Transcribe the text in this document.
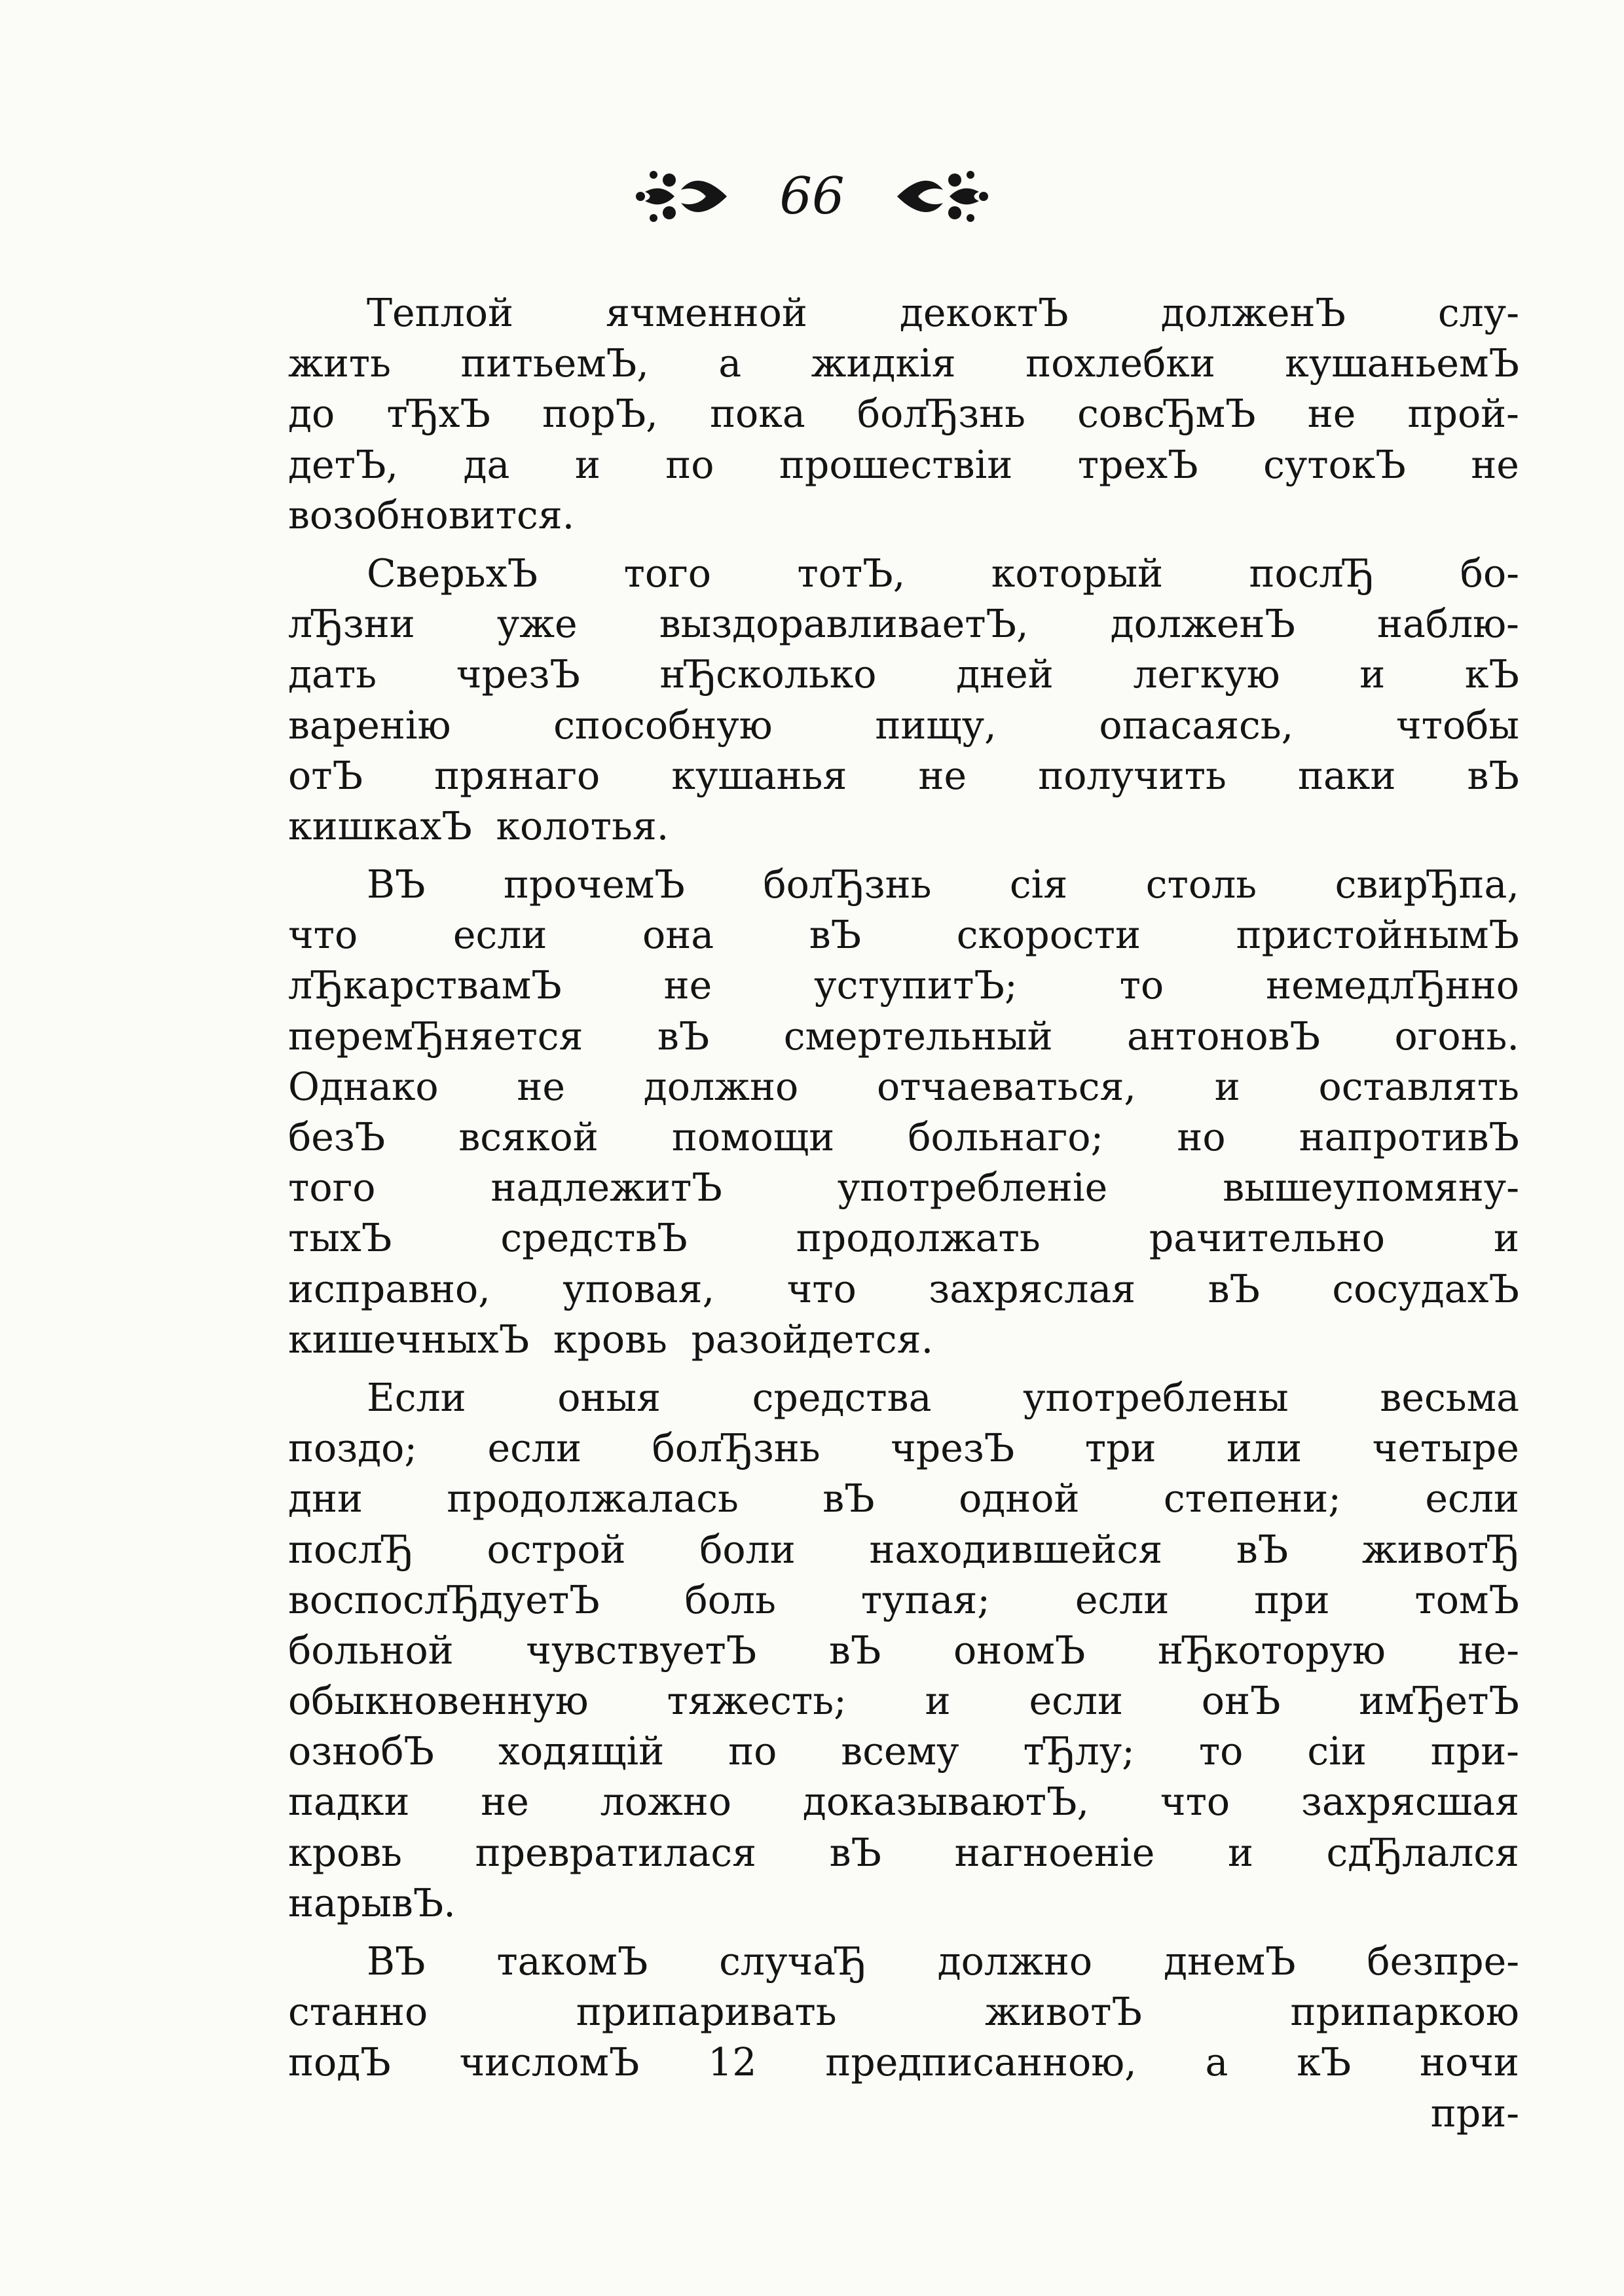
66
Теплой ячменной декоктЪ долженЪ слу-
жить питьемЪ, а жидкія похлебки кушаньемЪ
до тЂхЪ порЪ, пока болЂзнь совсЂмЪ не прой-
детЪ, да и по прошествіи трехЪ сутокЪ не
возобновится.
СверьхЪ того тотЪ, который послЂ бо-
лЂзни уже выздоравливаетЪ, долженЪ наблю-
дать чрезЪ нЂсколько дней легкую и кЪ
варенію	способную	пищу,	опасаясь,	чтобы
отЪ прянаго кушанья не получить паки вЪ
кишкахЪ колотья.
ВЪ прочемЪ болЂзнь сія столь свирЂпа,
что если она вЪ скорости пристойнымЪ
лЂкарствамЪ	не	уступитЪ;	то	немедлЂнно
перемЂняется вЪ смертельный антоновЪ огонь.
Однако не должно отчаеваться, и оставлять
безЪ всякой помощи больнаго; но напротивЪ
того	надлежитЪ	употребленіе	вышеупомяну-
тыхЪ	средствЪ	продолжать	рачительно	и
исправно, уповая, что захряслая вЪ сосудахЪ
кишечныхЪ кровь разойдется.
Если оныя средства употреблены весьма
поздо; если болЂзнь чрезЪ три или четыре
дни продолжалась вЪ одной степени; если
послЂ острой боли находившейся вЪ животЂ
воспослЂдуетЪ боль тупая; если при томЪ
больной чувствуетЪ вЪ ономЪ нЂкоторую не-
обыкновенную тяжесть; и если онЪ имЂетЪ
ознобЪ ходящій по всему тЂлу; то сіи при-
падки не ложно доказываютЪ, что захрясшая
кровь превратилася вЪ нагноеніе и сдЂлался
нарывЪ.
ВЪ такомЪ случаЂ должно днемЪ безпре-
станно	припаривать	животЪ	припаркою
подЪ числомЪ 12 предписанною, а кЪ ночи
при-
